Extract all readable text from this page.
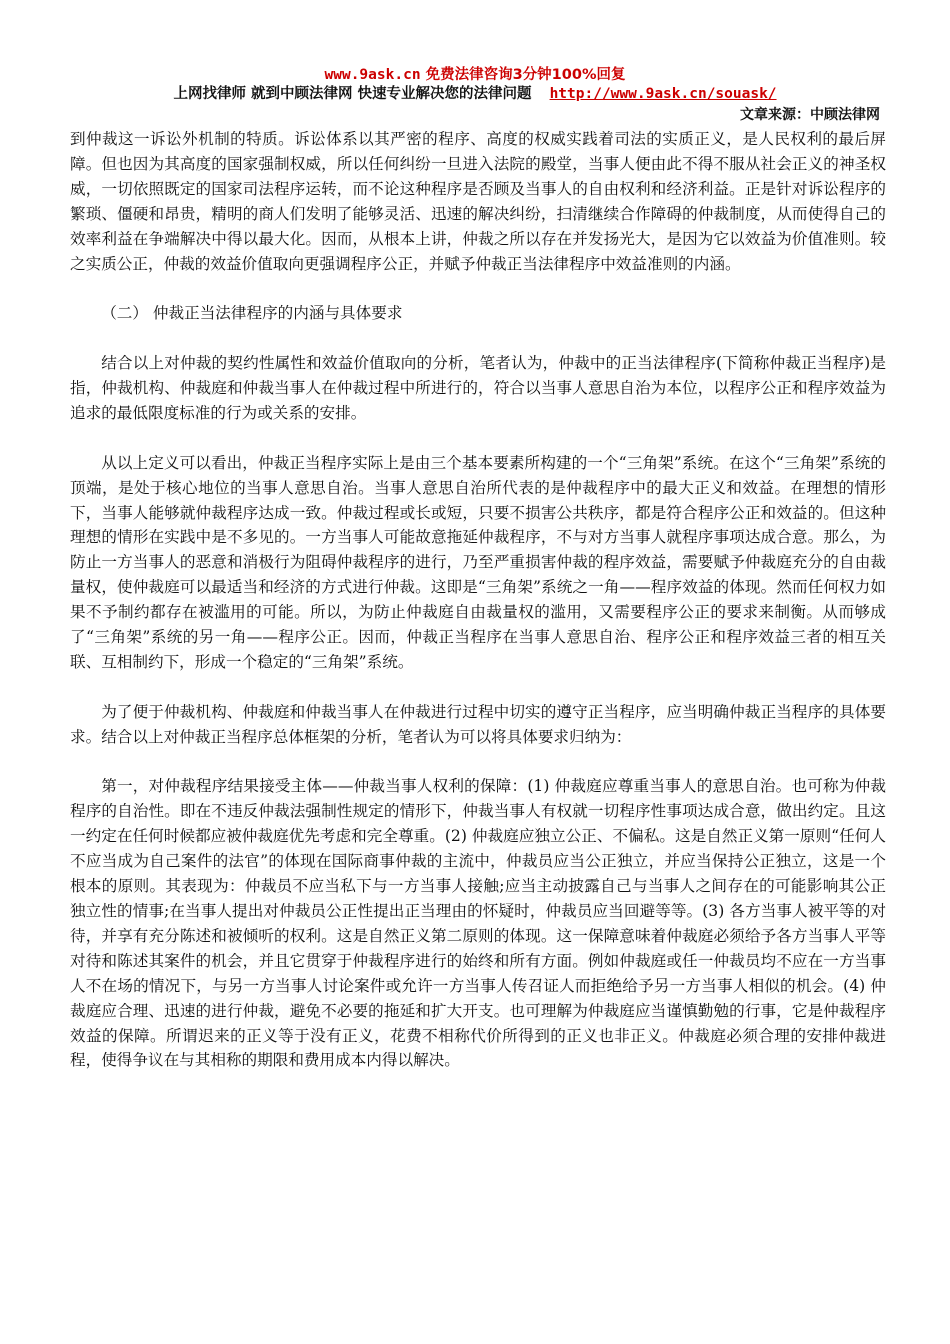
www.9ask.cn 免费法律咨询3分钟100%回复
上网找律师 就到中顾法律网 快速专业解决您的法律问题 http://www.9ask.cn/souask/
文章来源：中顾法律网

到仲裁这一诉讼外机制的特质。诉讼体系以其严密的程序、高度的权威实践着司法的实质正义，是人民权利的最后屏障。但也因为其高度的国家强制权威，所以任何纠纷一旦进入法院的殿堂，当事人便由此不得不服从社会正义的神圣权威，一切依照既定的国家司法程序运转，而不论这种程序是否顾及当事人的自由权利和经济利益。正是针对诉讼程序的繁琐、僵硬和昂贵，精明的商人们发明了能够灵活、迅速的解决纠纷，扫清继续合作障碍的仲裁制度，从而使得自己的效率利益在争端解决中得以最大化。因而，从根本上讲，仲裁之所以存在并发扬光大，是因为它以效益为价值准则。较之实质公正，仲裁的效益价值取向更强调程序公正，并赋予仲裁正当法律程序中效益准则的内涵。

（二） 仲裁正当法律程序的内涵与具体要求

结合以上对仲裁的契约性属性和效益价值取向的分析，笔者认为，仲裁中的正当法律程序(下简称仲裁正当程序)是指，仲裁机构、仲裁庭和仲裁当事人在仲裁过程中所进行的，符合以当事人意思自治为本位，以程序公正和程序效益为追求的最低限度标准的行为或关系的安排。

从以上定义可以看出，仲裁正当程序实际上是由三个基本要素所构建的一个“三角架”系统。在这个“三角架”系统的顶端，是处于核心地位的当事人意思自治。当事人意思自治所代表的是仲裁程序中的最大正义和效益。在理想的情形下，当事人能够就仲裁程序达成一致。仲裁过程或长或短，只要不损害公共秩序，都是符合程序公正和效益的。但这种理想的情形在实践中是不多见的。一方当事人可能故意拖延仲裁程序，不与对方当事人就程序事项达成合意。那么，为防止一方当事人的恶意和消极行为阻碍仲裁程序的进行，乃至严重损害仲裁的程序效益，需要赋予仲裁庭充分的自由裁量权，使仲裁庭可以最适当和经济的方式进行仲裁。这即是“三角架”系统之一角——程序效益的体现。然而任何权力如果不予制约都存在被滥用的可能。所以，为防止仲裁庭自由裁量权的滥用，又需要程序公正的要求来制衡。从而够成了“三角架”系统的另一角——程序公正。因而，仲裁正当程序在当事人意思自治、程序公正和程序效益三者的相互关联、互相制约下，形成一个稳定的“三角架”系统。

为了便于仲裁机构、仲裁庭和仲裁当事人在仲裁进行过程中切实的遵守正当程序，应当明确仲裁正当程序的具体要求。结合以上对仲裁正当程序总体框架的分析，笔者认为可以将具体要求归纳为：

第一，对仲裁程序结果接受主体——仲裁当事人权利的保障：(1) 仲裁庭应尊重当事人的意思自治。也可称为仲裁程序的自治性。即在不违反仲裁法强制性规定的情形下，仲裁当事人有权就一切程序性事项达成合意，做出约定。且这一约定在任何时候都应被仲裁庭优先考虑和完全尊重。(2) 仲裁庭应独立公正、不偏私。这是自然正义第一原则“任何人不应当成为自己案件的法官”的体现在国际商事仲裁的主流中，仲裁员应当公正独立，并应当保持公正独立，这是一个根本的原则。其表现为：仲裁员不应当私下与一方当事人接触;应当主动披露自己与当事人之间存在的可能影响其公正独立性的情事;在当事人提出对仲裁员公正性提出正当理由的怀疑时，仲裁员应当回避等等。(3) 各方当事人被平等的对待，并享有充分陈述和被倾听的权利。这是自然正义第二原则的体现。这一保障意味着仲裁庭必须给予各方当事人平等对待和陈述其案件的机会，并且它贯穿于仲裁程序进行的始终和所有方面。例如仲裁庭或任一仲裁员均不应在一方当事人不在场的情况下，与另一方当事人讨论案件或允许一方当事人传召证人而拒绝给予另一方当事人相似的机会。(4) 仲裁庭应合理、迅速的进行仲裁，避免不必要的拖延和扩大开支。也可理解为仲裁庭应当谨慎勤勉的行事，它是仲裁程序效益的保障。所谓迟来的正义等于没有正义，花费不相称代价所得到的正义也非正义。仲裁庭必须合理的安排仲裁进程，使得争议在与其相称的期限和费用成本内得以解决。
